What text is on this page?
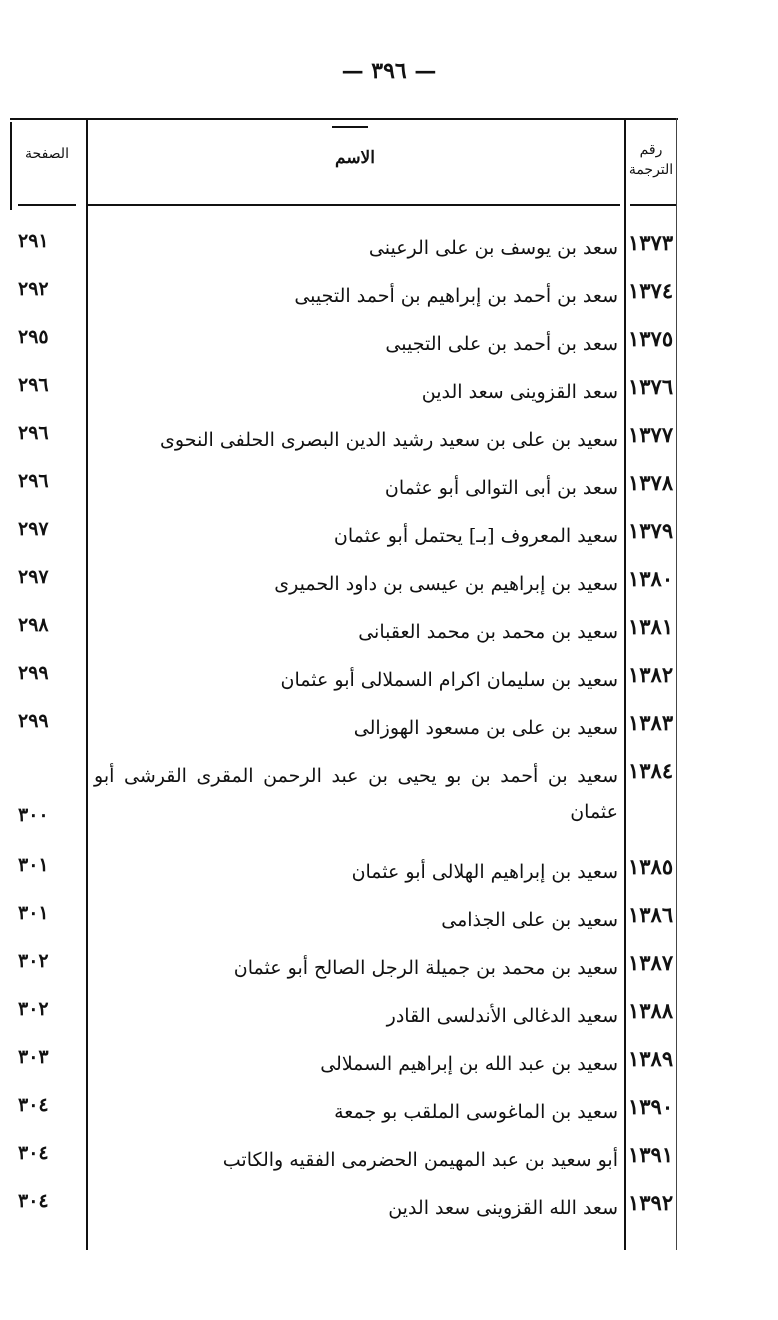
— ٣٩٦ —
الصفحة	الاسم	رقم الترجمة
١٣٧٣
سعد بن يوسف بن على الرعينى
٢٩١
١٣٧٤
سعد بن أحمد بن إبراهيم بن أحمد التجيبى
٢٩٢
١٣٧٥
سعد بن أحمد بن على التجيبى
٢٩٥
١٣٧٦
سعد القزوينى سعد الدين
٢٩٦
١٣٧٧
سعيد بن على بن سعيد رشيد الدين البصرى الحلفى النحوى
٢٩٦
١٣٧٨
سعد بن أبى التوالى أبو عثمان
٢٩٦
١٣٧٩
سعيد المعروف [بـ] يحتمل أبو عثمان
٢٩٧
١٣٨٠
سعيد بن إبراهيم بن عيسى بن داود الحميرى
٢٩٧
١٣٨١
سعيد بن محمد بن محمد العقبانى
٢٩٨
١٣٨٢
سعيد بن سليمان اكرام السملالى أبو عثمان
٢٩٩
١٣٨٣
سعيد بن على بن مسعود الهوزالى
٢٩٩
١٣٨٤
سعيد بن أحمد بن بو يحيى بن عبد الرحمن المقرى القرشى أبو عثمان
٣٠٠
١٣٨٥
سعيد بن إبراهيم الهلالى أبو عثمان
٣٠١
١٣٨٦
سعيد بن على الجذامى
٣٠١
١٣٨٧
سعيد بن محمد بن جميلة الرجل الصالح أبو عثمان
٣٠٢
١٣٨٨
سعيد الدغالى الأندلسى القادر
٣٠٢
١٣٨٩
سعيد بن عبد الله بن إبراهيم السملالى
٣٠٣
١٣٩٠
سعيد بن الماغوسى الملقب بو جمعة
٣٠٤
١٣٩١
أبو سعيد بن عبد المهيمن الحضرمى الفقيه والكاتب
٣٠٤
١٣٩٢
سعد الله القزوينى سعد الدين
٣٠٤
